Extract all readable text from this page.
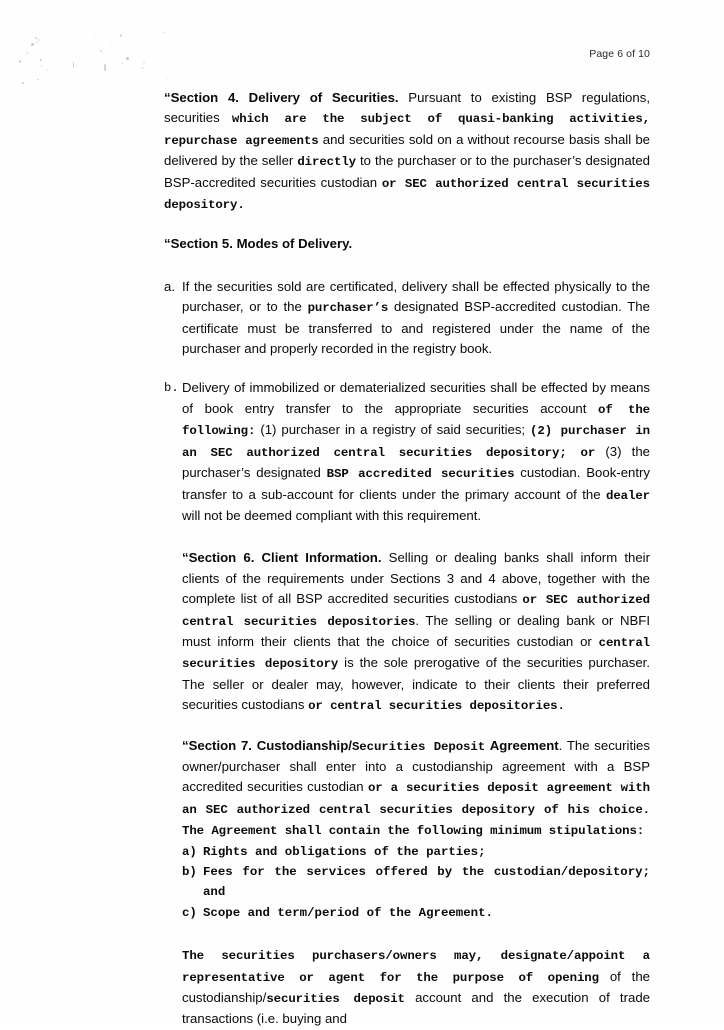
Page 6 of 10

“Section 4. Delivery of Securities. Pursuant to existing BSP regulations, securities which are the subject of quasi-banking activities, repurchase agreements and securities sold on a without recourse basis shall be delivered by the seller directly to the purchaser or to the purchaser’s designated BSP-accredited securities custodian or SEC authorized central securities depository.

“Section 5. Modes of Delivery.

a. If the securities sold are certificated, delivery shall be effected physically to the purchaser, or to the purchaser’s designated BSP-accredited custodian. The certificate must be transferred to and registered under the name of the purchaser and properly recorded in the registry book.

b. Delivery of immobilized or dematerialized securities shall be effected by means of book entry transfer to the appropriate securities account of the following: (1) purchaser in a registry of said securities; (2) purchaser in an SEC authorized central securities depository; or (3) the purchaser’s designated BSP accredited securities custodian. Book-entry transfer to a sub-account for clients under the primary account of the dealer will not be deemed compliant with this requirement.

“Section 6. Client Information. Selling or dealing banks shall inform their clients of the requirements under Sections 3 and 4 above, together with the complete list of all BSP accredited securities custodians or SEC authorized central securities depositories. The selling or dealing bank or NBFI must inform their clients that the choice of securities custodian or central securities depository is the sole prerogative of the securities purchaser. The seller or dealer may, however, indicate to their clients their preferred securities custodians or central securities depositories.

“Section 7. Custodianship/Securities Deposit Agreement. The securities owner/purchaser shall enter into a custodianship agreement with a BSP accredited securities custodian or a securities deposit agreement with an SEC authorized central securities depository of his choice. The Agreement shall contain the following minimum stipulations:

a) Rights and obligations of the parties;
b) Fees for the services offered by the custodian/depository; and
c) Scope and term/period of the Agreement.

The securities purchasers/owners may, designate/appoint a representative or agent for the purpose of opening of the custodianship/securities deposit account and the execution of trade transactions (i.e. buying and
